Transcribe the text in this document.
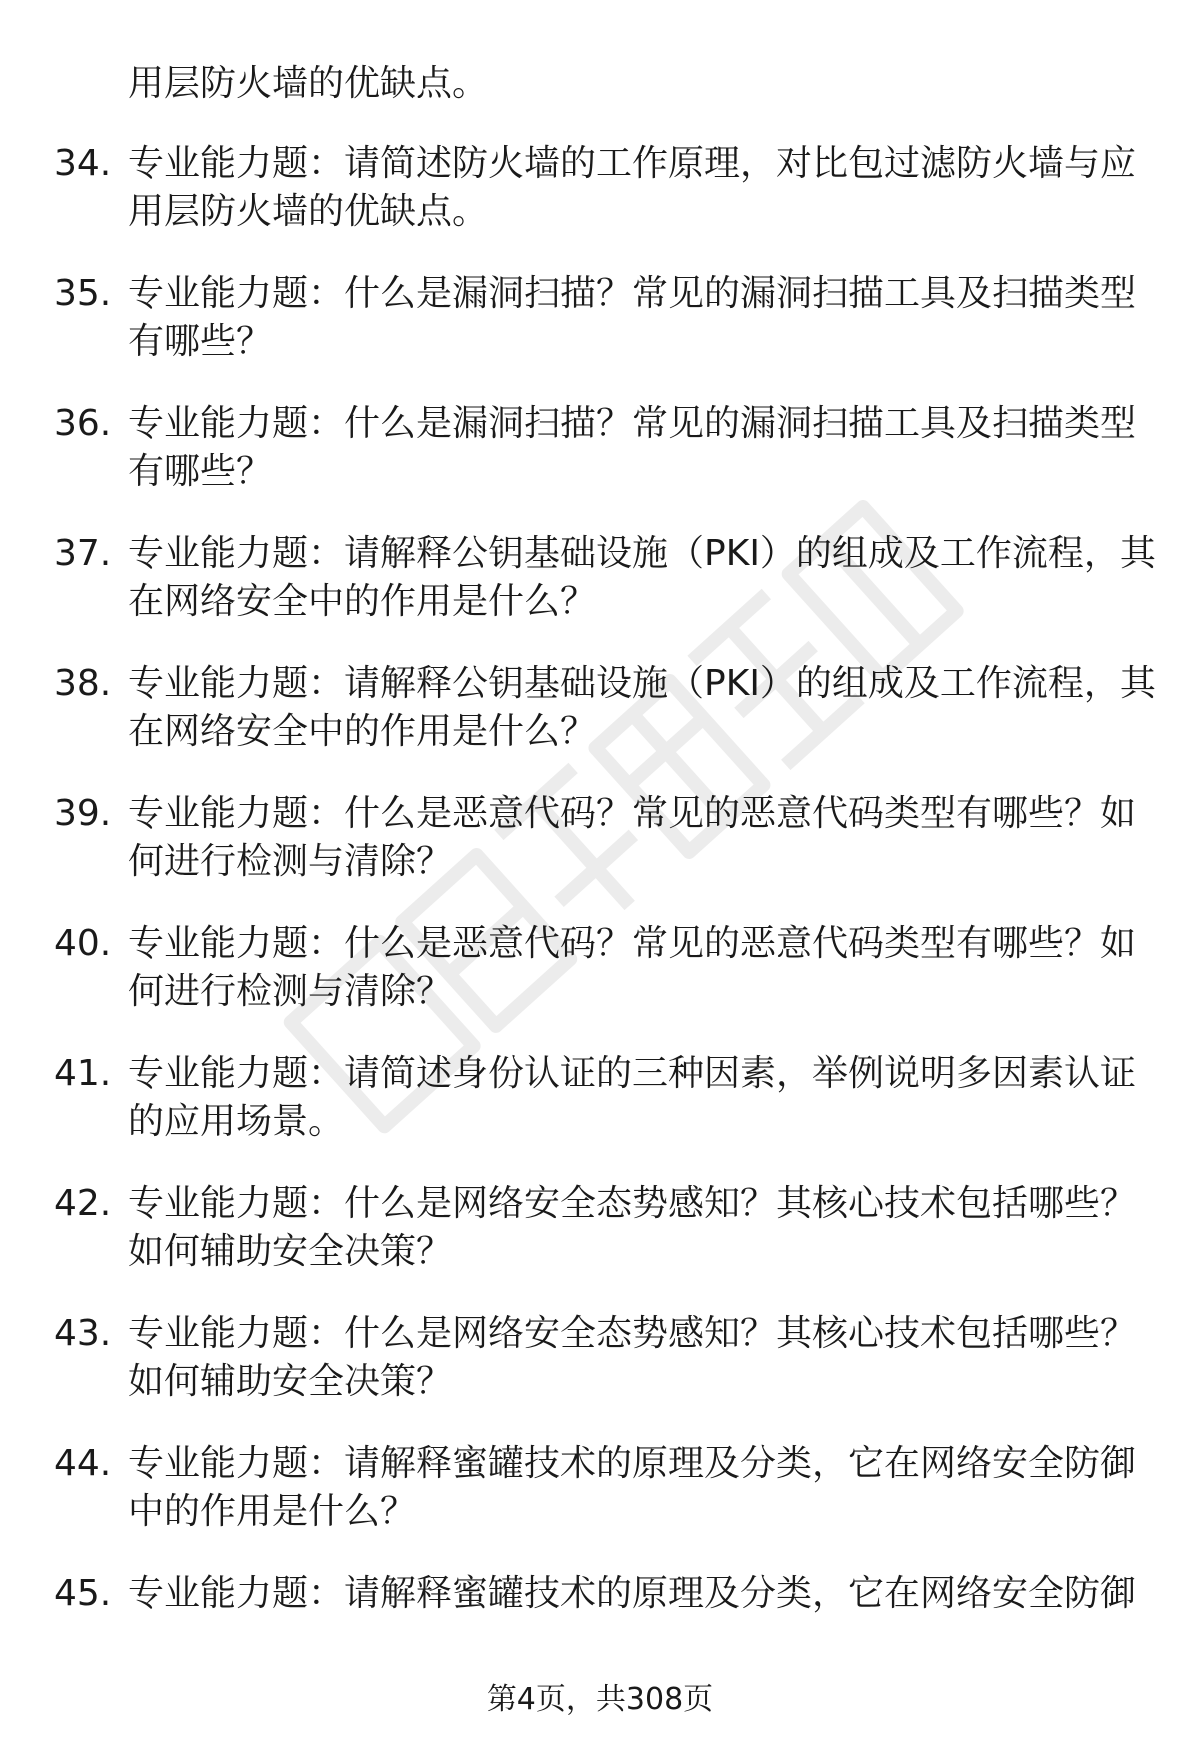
用层防火墙的优缺点。
34. 专业能力题：请简述防火墙的工作原理，对比包过滤防火墙与应用层防火墙的优缺点。
35. 专业能力题：什么是漏洞扫描？常见的漏洞扫描工具及扫描类型有哪些？
36. 专业能力题：什么是漏洞扫描？常见的漏洞扫描工具及扫描类型有哪些？
37. 专业能力题：请解释公钥基础设施（PKI）的组成及工作流程，其在网络安全中的作用是什么？
38. 专业能力题：请解释公钥基础设施（PKI）的组成及工作流程，其在网络安全中的作用是什么？
39. 专业能力题：什么是恶意代码？常见的恶意代码类型有哪些？如何进行检测与清除？
40. 专业能力题：什么是恶意代码？常见的恶意代码类型有哪些？如何进行检测与清除？
41. 专业能力题：请简述身份认证的三种因素，举例说明多因素认证的应用场景。
42. 专业能力题：什么是网络安全态势感知？其核心技术包括哪些？如何辅助安全决策？
43. 专业能力题：什么是网络安全态势感知？其核心技术包括哪些？如何辅助安全决策？
44. 专业能力题：请解释蜜罐技术的原理及分类，它在网络安全防御中的作用是什么？
45. 专业能力题：请解释蜜罐技术的原理及分类，它在网络安全防御
第4页，共308页
